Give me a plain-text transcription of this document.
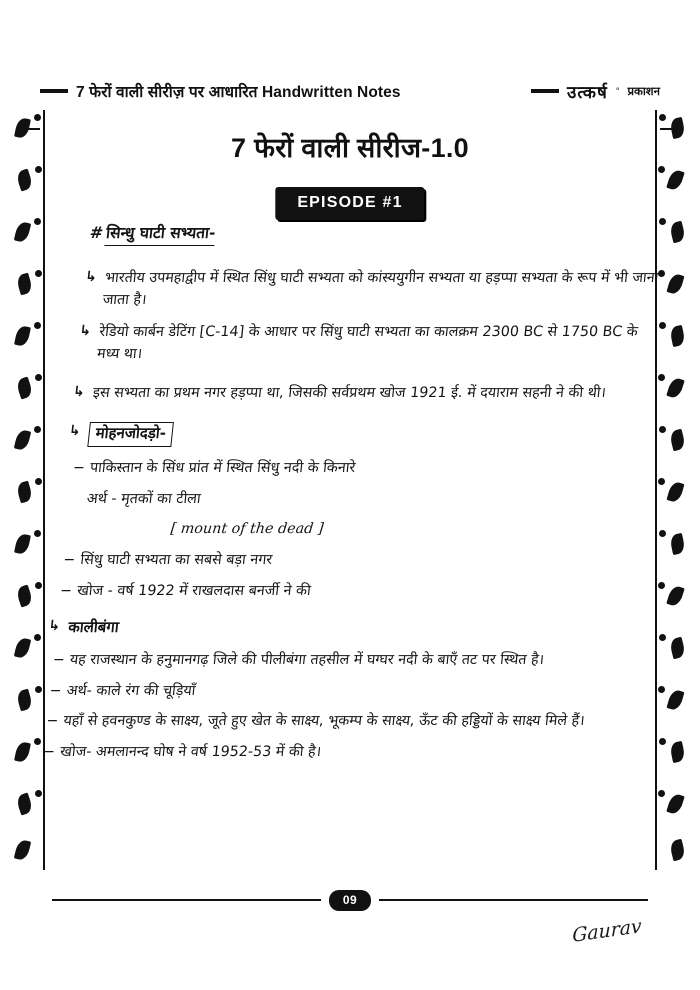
7 फेरों वाली सीरीज़ पर आधारित Handwritten Notes	उत्कर्ष ° प्रकाशन
7 फेरों वाली सीरीज-1.0
EPISODE #1
#सिन्धु घाटी सभ्यता-
↳ भारतीय उपमहाद्वीप में स्थित सिंधु घाटी सभ्यता को कांस्ययुगीन सभ्यता या हड़प्पा सभ्यता के रूप में भी जाना जाता है।
↳ रेडियो कार्बन डेटिंग [C-14] के आधार पर सिंधु घाटी सभ्यता का कालक्रम 2300 BC से 1750 BC के मध्य था।
↳ इस सभ्यता का प्रथम नगर हड़प्पा था, जिसकी सर्वप्रथम खोज 1921 ई. में दयाराम सहनी ने की थी।
↳ मोहनजोदड़ो-
− पाकिस्तान के सिंध प्रांत में स्थित सिंधु नदी के किनारे

अर्थ - मृतकों का टीला
[ mount of the dead ]
− सिंधु घाटी सभ्यता का सबसे बड़ा नगर
− खोज - वर्ष 1922 में राखलदास बनर्जी ने की
↳ कालीबंगा
− यह राजस्थान के हनुमानगढ़ जिले की पीलीबंगा तहसील में घग्घर नदी के बाएँ तट पर स्थित है।
− अर्थ- काले रंग की चूड़ियाँ
− यहाँ से हवनकुण्ड के साक्ष्य, जूते हुए खेत के साक्ष्य, भूकम्प के साक्ष्य, ऊँट की हड्डियों के साक्ष्य मिले हैं।
− खोज- अमलानन्द घोष ने वर्ष 1952-53 में की है।
09
Gaurav
